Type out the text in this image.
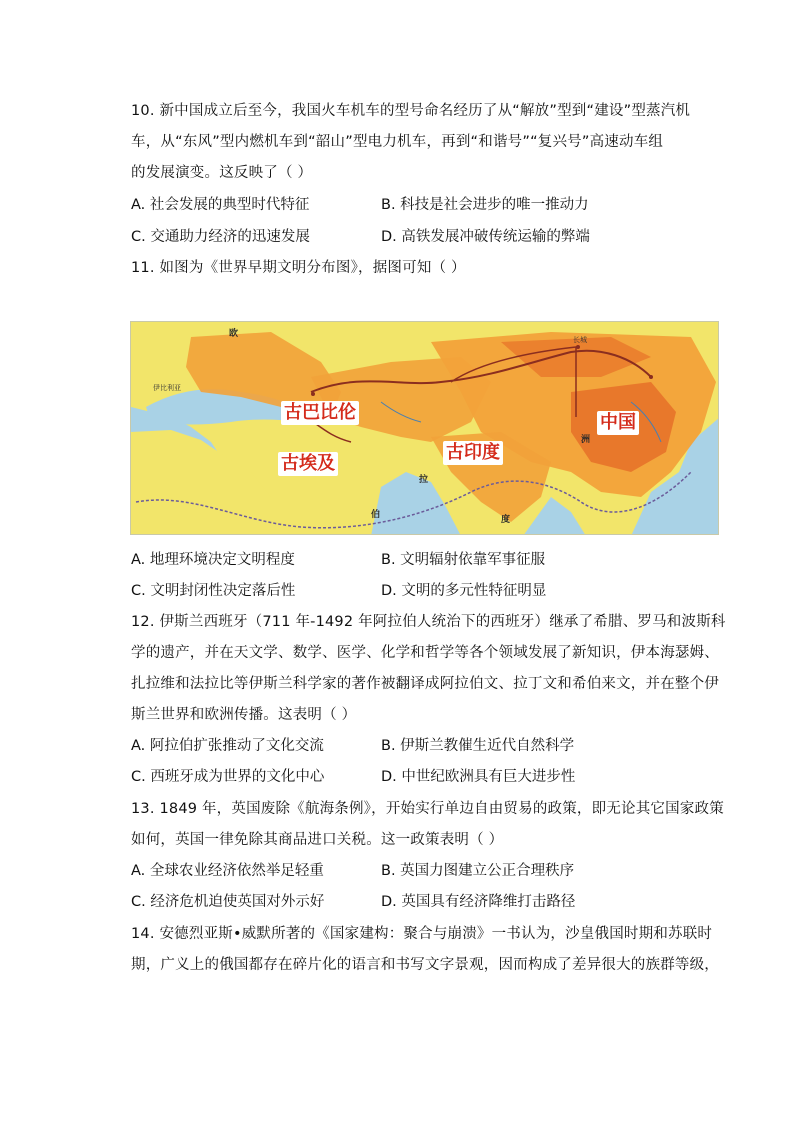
10. 新中国成立后至今，我国火车机车的型号命名经历了从“解放”型到“建设”型蒸汽机
车，从“东风”型内燃机车到“韶山”型电力机车，再到“和谐号”“复兴号”高速动车组
的发展演变。这反映了（ ）
A. 社会发展的典型时代特征	B. 科技是社会进步的唯一推动力
C. 交通助力经济的迅速发展	D. 高铁发展冲破传统运输的弊端
11. 如图为《世界早期文明分布图》，据图可知（ ）
欧
洲
伊比利亚
拉
伯	度
长城
古巴比伦
古埃及
古印度
中国
A. 地理环境决定文明程度	B. 文明辐射依靠军事征服
C. 文明封闭性决定落后性	D. 文明的多元性特征明显
12. 伊斯兰西班牙（711 年-1492 年阿拉伯人统治下的西班牙）继承了希腊、罗马和波斯科
学的遗产，并在天文学、数学、医学、化学和哲学等各个领域发展了新知识，伊本海瑟姆、
扎拉维和法拉比等伊斯兰科学家的著作被翻译成阿拉伯文、拉丁文和希伯来文，并在整个伊
斯兰世界和欧洲传播。这表明（ ）
A. 阿拉伯扩张推动了文化交流	B. 伊斯兰教催生近代自然科学
C. 西班牙成为世界的文化中心	D. 中世纪欧洲具有巨大进步性
13. 1849 年，英国废除《航海条例》，开始实行单边自由贸易的政策，即无论其它国家政策
如何，英国一律免除其商品进口关税。这一政策表明（ ）
A. 全球农业经济依然举足轻重	B. 英国力图建立公正合理秩序
C. 经济危机迫使英国对外示好	D. 英国具有经济降维打击路径
14. 安德烈亚斯•威默所著的《国家建构：聚合与崩溃》一书认为，沙皇俄国时期和苏联时
期，广义上的俄国都存在碎片化的语言和书写文字景观，因而构成了差异很大的族群等级，
